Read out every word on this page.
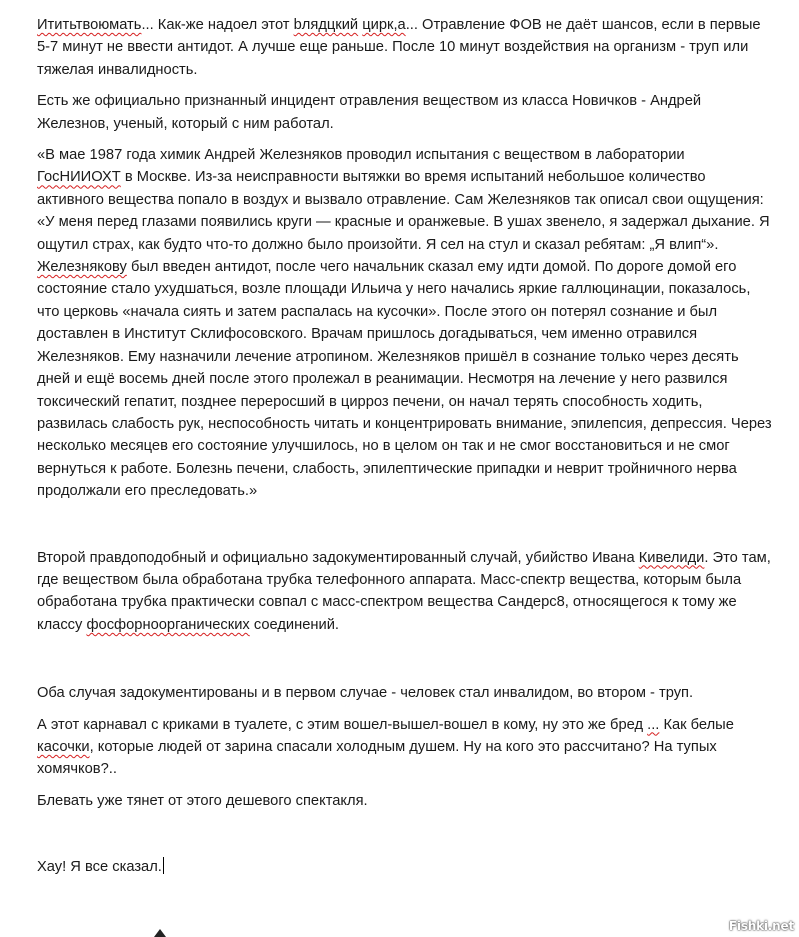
Ититьтвоюмать... Как-же надоел этот bлядцкий цирк,а... Отравление ФОВ не даёт шансов, если в первые 5-7 минут не ввести антидот. А лучше еще раньше. После 10 минут воздействия на организм - труп или тяжелая инвалидность.

Есть же официально признанный инцидент отравления веществом из класса Новичков - Андрей Железнов, ученый, который с ним работал.

«В мае 1987 года химик Андрей Железняков проводил испытания с веществом в лаборатории ГосНИИОХТ в Москве. Из-за неисправности вытяжки во время испытаний небольшое количество активного вещества попало в воздух и вызвало отравление. Сам Железняков так описал свои ощущения: «У меня перед глазами появились круги — красные и оранжевые. В ушах звенело, я задержал дыхание. Я ощутил страх, как будто что-то должно было произойти. Я сел на стул и сказал ребятам: „Я влип“». Железнякову был введен антидот, после чего начальник сказал ему идти домой. По дороге домой его состояние стало ухудшаться, возле площади Ильича у него начались яркие галлюцинации, показалось, что церковь «начала сиять и затем распалась на кусочки». После этого он потерял сознание и был доставлен в Институт Склифосовского. Врачам пришлось догадываться, чем именно отравился Железняков. Ему назначили лечение атропином. Железняков пришёл в сознание только через десять дней и ещё восемь дней после этого пролежал в реанимации. Несмотря на лечение у него развился токсический гепатит, позднее переросший в цирроз печени, он начал терять способность ходить, развилась слабость рук, неспособность читать и концентрировать внимание, эпилепсия, депрессия. Через несколько месяцев его состояние улучшилось, но в целом он так и не смог восстановиться и не смог вернуться к работе. Болезнь печени, слабость, эпилептические припадки и неврит тройничного нерва продолжали его преследовать.»

Второй правдоподобный и официально задокументированный случай, убийство Ивана Кивелиди. Это там, где веществом была обработана трубка телефонного аппарата. Масс-спектр вещества, которым была обработана трубка практически совпал с масс-спектром вещества Сандерс8, относящегося к тому же классу фосфорноорганических соединений.

Оба случая задокументированы и в первом случае - человек стал инвалидом, во втором - труп.

А этот карнавал с криками в туалете, с этим вошел-вышел-вошел в кому, ну это же бред ... Как белые касочки, которые людей от зарина спасали холодным душем. Ну на кого это рассчитано? На тупых хомячков?..

Блевать уже тянет от этого дешевого спектакля.

Хау! Я все сказал.

Fishki.net
